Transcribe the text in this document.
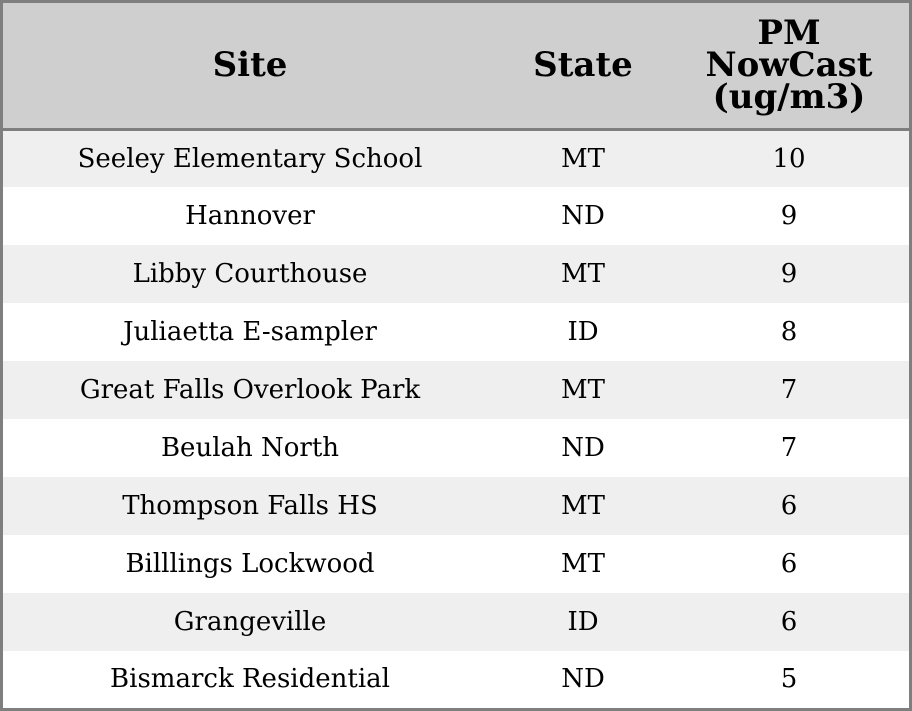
Site	State	PM
NowCast
(ug/m3)
Seeley Elementary School	MT	10
Hannover	ND	9
Libby Courthouse	MT	9
Juliaetta E-sampler	ID	8
Great Falls Overlook Park	MT	7
Beulah North	ND	7
Thompson Falls HS	MT	6
Billlings Lockwood	MT	6
Grangeville	ID	6
Bismarck Residential	ND	5
